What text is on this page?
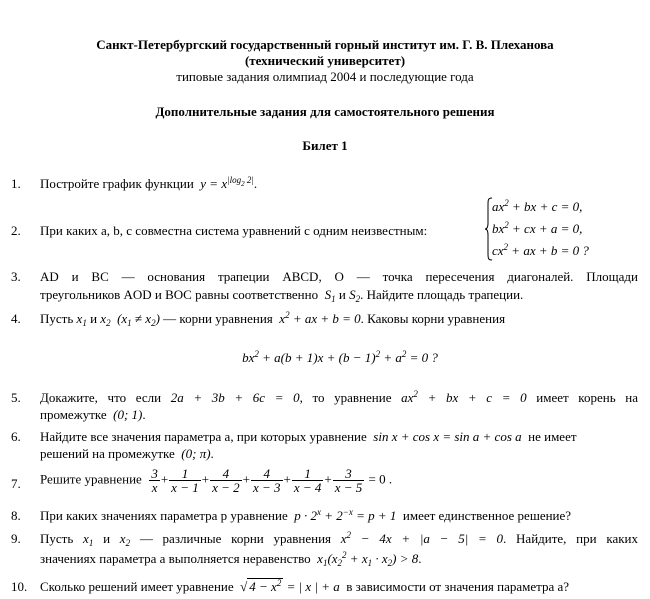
Санкт-Петербургский государственный горный институт им. Г. В. Плеханова
(технический университет)
типовые задания олимпиад 2004 и последующие года
Дополнительные задания для самостоятельного решения
Билет 1
1. Постройте график функции $y = x^{|log_2 2|}$.
2. При каких a, b, c совместна система уравнений с одним неизвестным:
$ax^2$ + bx + c = 0,
$bx^2$ + cx + a = 0,
$cx^2$ + ax + b = 0 ?
3. AD и BC — основания трапеции ABCD, O — точка пересечения диагоналей. Площади
треугольников AOD и BOC равны соответственно $S_1$ и $S_2$. Найдите площадь трапеции.
4. Пусть $x_1$ и $x_2$ $(x_1 \ne x_2)$ — корни уравнения $x^2$ + ax + b = 0. Каковы корни уравнения
$bx^2 + a(b + 1)x + (b - 1)^2 + a^2 = 0$ ?
5. Докажите, что если 2a + 3b + 6c = 0, то уравнение $ax^2$ + bx + c = 0 имеет корень на
промежутке (0; 1).
6. Найдите все значения параметра a, при которых уравнение sin x + cos x = sin a + cos a не имеет
решений на промежутке (0; π).
7. Решите уравнение $\frac{3}{x} + \frac{1}{x - 1} + \frac{4}{x - 2} + \frac{4}{x - 3} + \frac{1}{x - 4} + \frac{3}{x - 5} = 0$ .
8. При каких значениях параметра p уравнение $p \cdot 2^x + 2^{-x} = p + 1$ имеет единственное решение?
9. Пусть $x_1$ и $x_2$ — различные корни уравнения $x^2 - 4x + |a - 5| = 0$. Найдите, при каких
значениях параметра a выполняется неравенство $x_1(x_2^2 + x_1 \cdot x_2) > 8$.
10. Сколько решений имеет уравнение √ $4 - x^2$ = | x | + a в зависимости от значения параметра a?
